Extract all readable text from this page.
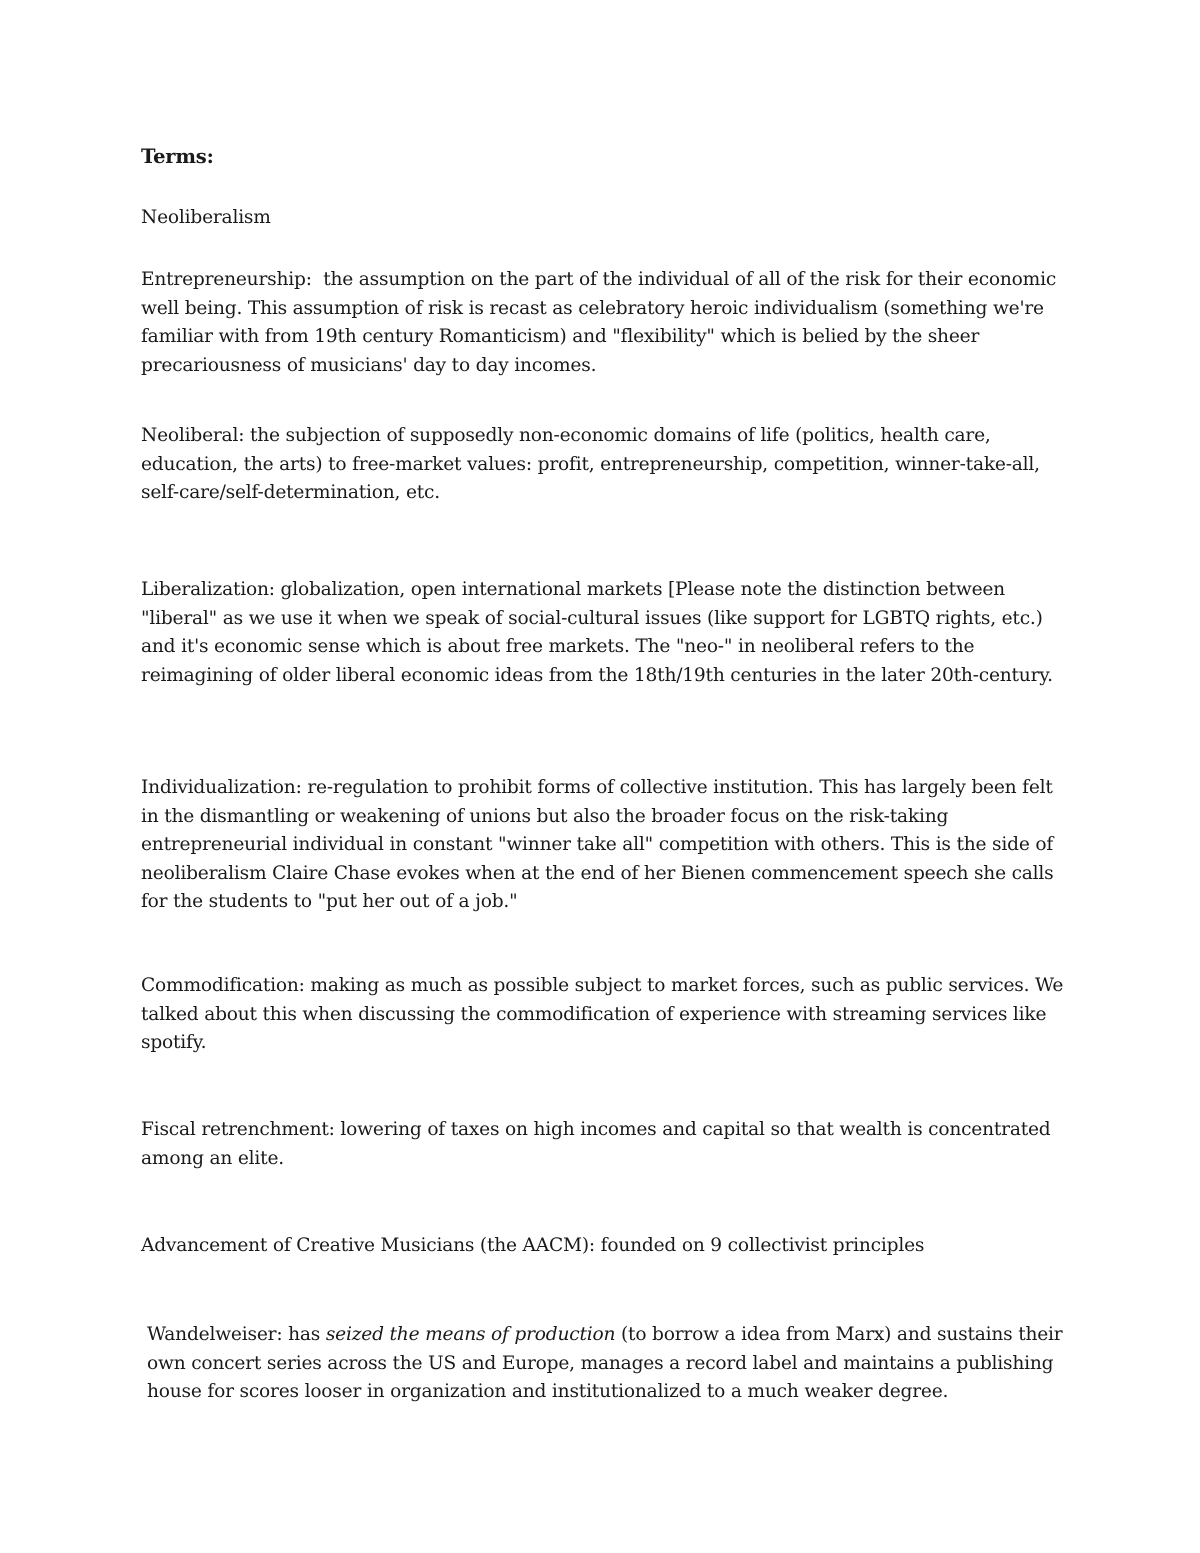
Terms:
Neoliberalism
Entrepreneurship:  the assumption on the part of the individual of all of the risk for their economic well being. This assumption of risk is recast as celebratory heroic individualism (something we're familiar with from 19th century Romanticism) and "flexibility" which is belied by the sheer precariousness of musicians' day to day incomes.
Neoliberal: the subjection of supposedly non-economic domains of life (politics, health care, education, the arts) to free-market values: profit, entrepreneurship, competition, winner-take-all, self-care/self-determination, etc.
Liberalization: globalization, open international markets [Please note the distinction between "liberal" as we use it when we speak of social-cultural issues (like support for LGBTQ rights, etc.) and it's economic sense which is about free markets. The "neo-" in neoliberal refers to the reimagining of older liberal economic ideas from the 18th/19th centuries in the later 20th-century.
Individualization: re-regulation to prohibit forms of collective institution. This has largely been felt in the dismantling or weakening of unions but also the broader focus on the risk-taking entrepreneurial individual in constant "winner take all" competition with others. This is the side of neoliberalism Claire Chase evokes when at the end of her Bienen commencement speech she calls for the students to "put her out of a job."
Commodification: making as much as possible subject to market forces, such as public services. We talked about this when discussing the commodification of experience with streaming services like spotify.
Fiscal retrenchment: lowering of taxes on high incomes and capital so that wealth is concentrated among an elite.
Advancement of Creative Musicians (the AACM): founded on 9 collectivist principles
Wandelweiser: has seized the means of production (to borrow a idea from Marx) and sustains their own concert series across the US and Europe, manages a record label and maintains a publishing house for scores looser in organization and institutionalized to a much weaker degree.
